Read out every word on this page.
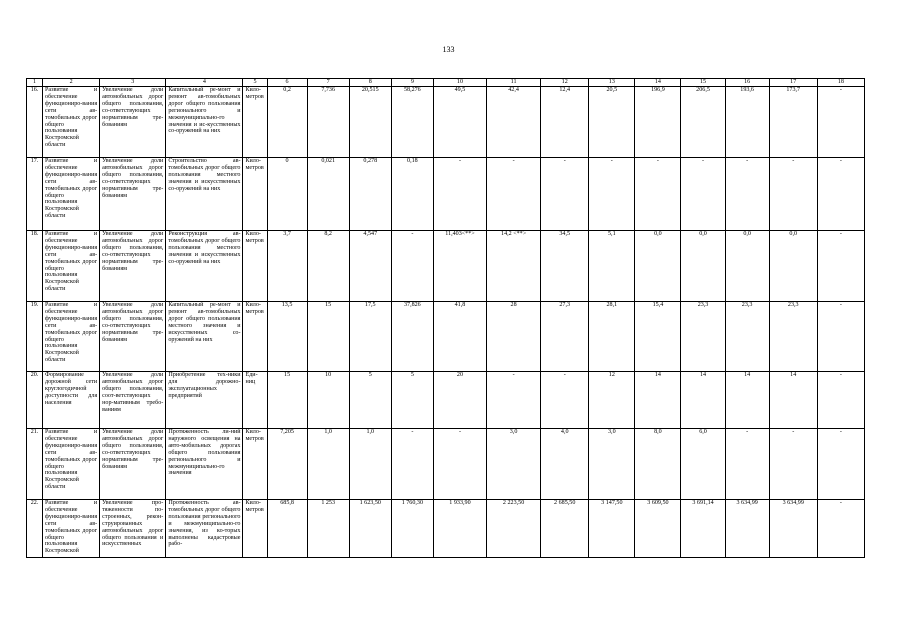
133
1	2	3	4	5	6	7	8	9	10	11	12	13	14	15	16	17	18
16.	Развитие и обеспечение функциониро-вания сети ав-томобильных дорог общего пользования Костромской области	Увеличение доли автомобильных дорог общего пользования, со-ответствующих нормативным тре-бованиям	Капитальный ре-монт и ремонт ав-томобильных дорог общего пользования регионального и межмуниципально-го значения и иc-кусственных со-оружений на них	Кило-метров	0,2	7,736	20,515	58,276	49,5	42,4	12,4	20,5	196,9	206,5	193,6	173,7	-
17.	Развитие и обеспечение функциониро-вания сети ав-томобильных дорог общего пользования Костромской области	Увеличение доли автомобильных дорог общего пользования, со-ответствующих нормативным тре-бованиям	Строительство ав-томобильных дорог общего пользования местного значения и искусственных со-оружений на них	Кило-метров	0	0,021	0,278	0,18	-	-	-	-	-	-	-	-	-
18.	Развитие и обеспечение функциониро-вания сети ав-томобильных дорог общего пользования Костромской области	Увеличение доли автомобильных дорог общего пользования, со-ответствующих нормативным тре-бованиям	Реконструкция ав-томобильных дорог общего пользования местного значения и искусственных со-оружений на них	Кило-метров	3,7	8,2	4,547	-	11,403<**>	14,2 <**>	34,5	5,1	0,0	0,0	0,0	0,0	-
19.	Развитие и обеспечение функциониро-вания сети ав-томобильных дорог общего пользования Костромской области	Увеличение доли автомобильных дорог общего пользования, со-ответствующих нормативным тре-бованиям	Капитальный ре-монт и ремонт ав-томобильных дорог общего пользования местного значения и искусственных со-оружений на них	Кило-метров	13,5	15	17,5	37,826	41,8	28	27,3	28,1	15,4	23,3	23,3	23,3	-
20.	Формирование дорожной сети круглогодичной доступности для населения	Увеличение доли автомобильных дорог общего пользования, соот-ветствующих нор-мативным требо-ваниям	Приобретение тех-ники для дорожно-эксплуатационных предприятий	Еди-ниц	15	10	5	5	20	-	-	12	14	14	14	14	-
21.	Развитие и обеспечение функциониро-вания сети ав-томобильных дорог общего пользования Костромской области	Увеличение доли автомобильных дорог общего пользования, со-ответствующих нормативным тре-бованиям	Протяженность ли-ний наружного освещения на авто-мобильных дорогах общего пользования регионального и межмуниципально-го значения	Кило-метров	7,205	1,0	1,0	-	-	3,0	4,0	3,0	8,0	6,0	-	-	-
22.	Развитие и обеспечение функциониро-вания сети ав-томобильных дорог общего пользования Костромской	Увеличение про-тяженности по-строенных, рекон-струированных автомобильных дорог общего пользования и искусственных	Протяженность ав-томобильных дорог общего пользования регионального и межмуниципально-го значения, из ко-торых выполнены кадастровые рабо-	Кило-метров	685,8	1 253	1 623,50	1 760,30	1 933,90	2 223,50	2 685,50	3 147,50	3 609,50	3 691,14	3 634,99	3 634,99	-
